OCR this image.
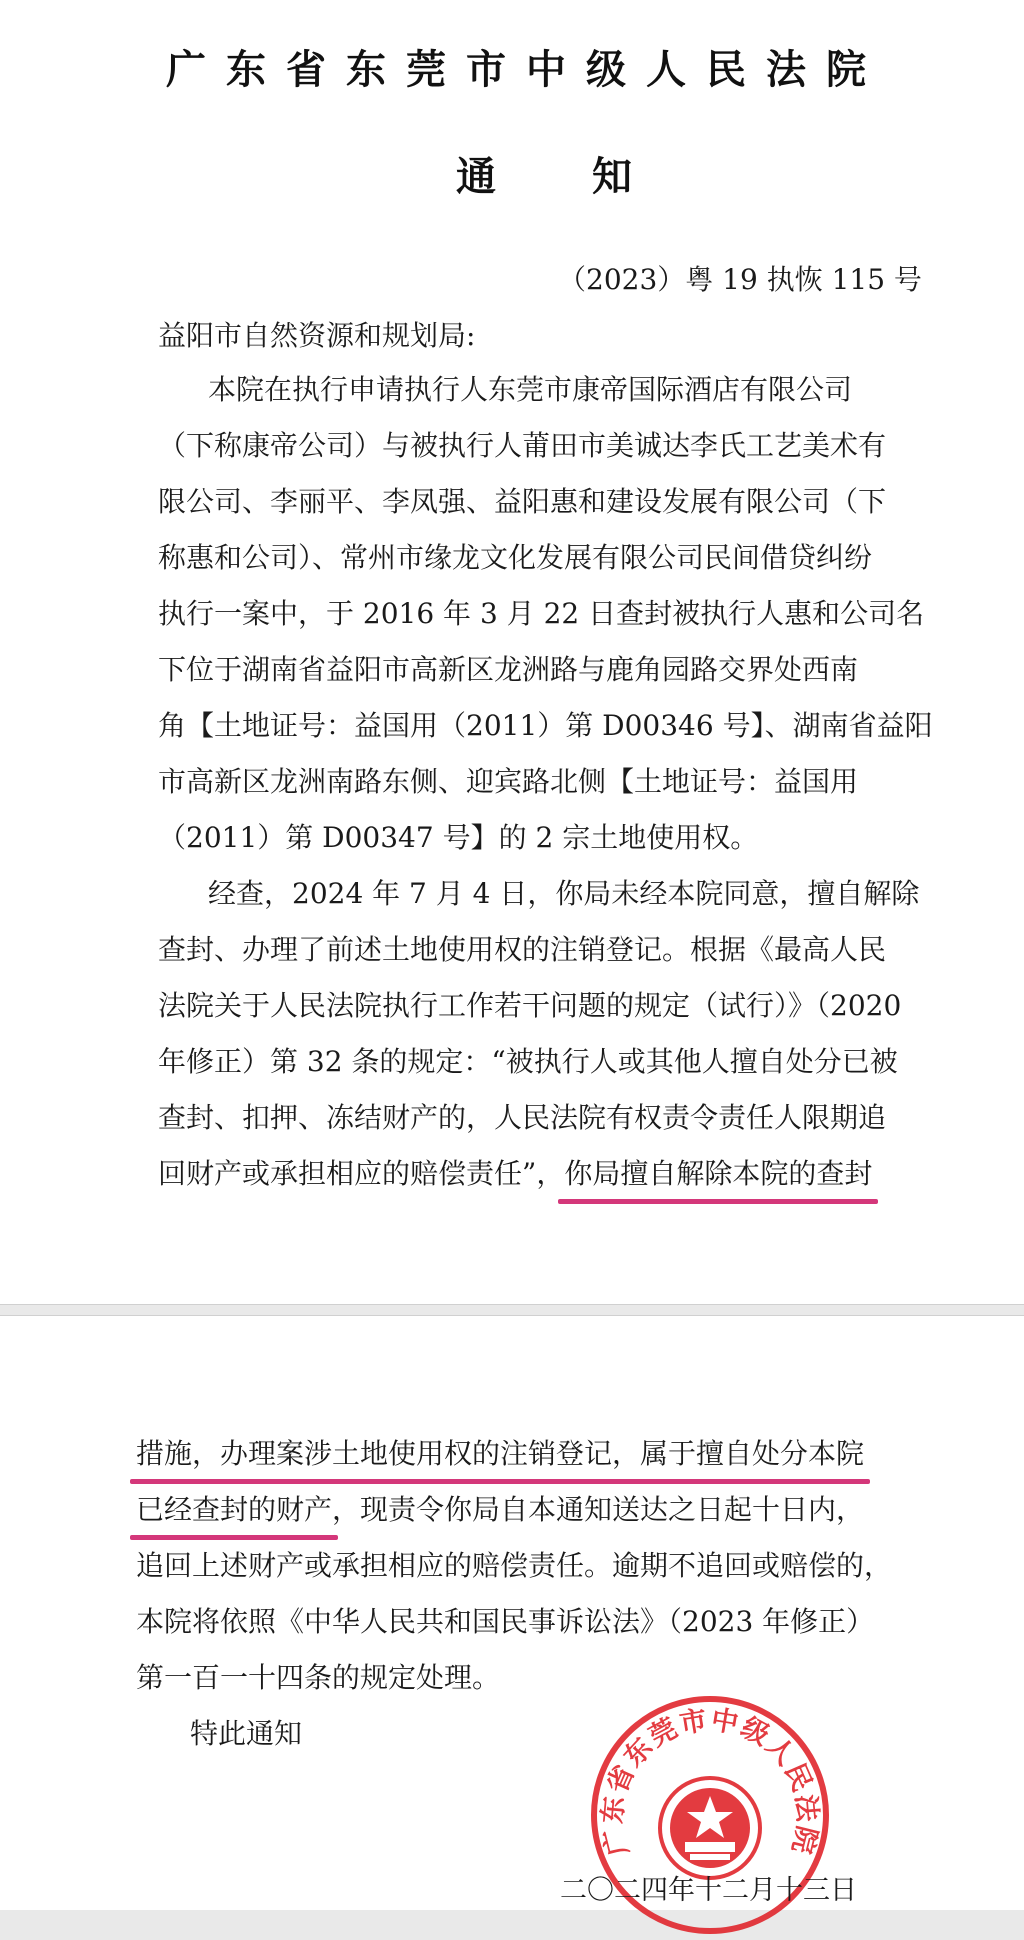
广东省东莞市中级人民法院
通知
（2023）粤 19 执恢 115 号
益阳市自然资源和规划局:
本院在执行申请执行人东莞市康帝国际酒店有限公司
（下称康帝公司）与被执行人莆田市美诚达李氏工艺美术有
限公司、李丽平、李凤强、益阳惠和建设发展有限公司（下
称惠和公司）、常州市缘龙文化发展有限公司民间借贷纠纷
执行一案中，于 2016 年 3 月 22 日查封被执行人惠和公司名
下位于湖南省益阳市高新区龙洲路与鹿角园路交界处西南
角【土地证号：益国用（2011）第 D00346 号】、湖南省益阳
市高新区龙洲南路东侧、迎宾路北侧【土地证号：益国用
（2011）第 D00347 号】的 2 宗土地使用权。
经查，2024 年 7 月 4 日，你局未经本院同意，擅自解除
查封、办理了前述土地使用权的注销登记。根据《最高人民
法院关于人民法院执行工作若干问题的规定（试行）》（2020
年修正）第 32 条的规定：“被执行人或其他人擅自处分已被
查封、扣押、冻结财产的，人民法院有权责令责任人限期追
回财产或承担相应的赔偿责任”，你局擅自解除本院的查封
措施，办理案涉土地使用权的注销登记，属于擅自处分本院
已经查封的财产，现责令你局自本通知送达之日起十日内，
追回上述财产或承担相应的赔偿责任。逾期不追回或赔偿的，
本院将依照《中华人民共和国民事诉讼法》（2023 年修正）
第一百一十四条的规定处理。
特此通知
广东省东莞市中级人民法院
二〇二四年十二月十三日
